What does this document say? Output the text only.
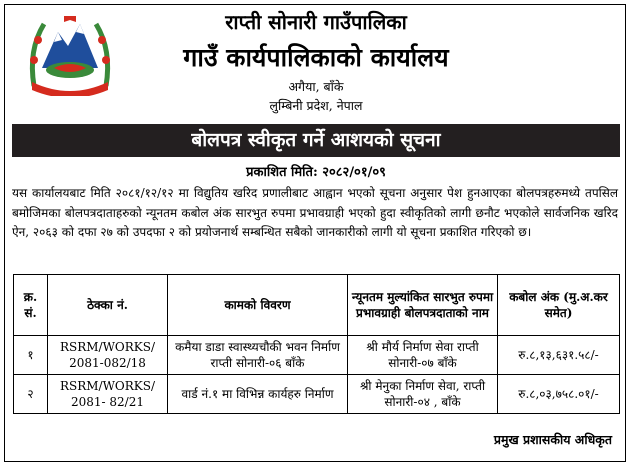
राप्ती सोनारी गाउँपालिका
गाउँ कार्यपालिकाको कार्यालय
अगैया, बाँके
लुम्बिनी प्रदेश, नेपाल
बोलपत्र स्वीकृत गर्ने आशयको सूचना
प्रकाशित मिति: २०८२/०१/०९
यस कार्यालयबाट मिति २०८१/१२/१२ मा विद्युतिय खरिद प्रणालीबाट आह्वान भएको सूचना अनुसार पेश हुनआएका बोलपत्रहरुमध्ये तपसिल बमोजिमका बोलपत्रदाताहरुको न्यूनतम कबोल अंक सारभुत रुपमा प्रभावग्राही भएको हुदा स्वीकृतिको लागी छनौट भएकोले सार्वजनिक खरिद ऐन, २०६३ को दफा २७ को उपदफा २ को प्रयोजनार्थ सम्बन्धित सबैको जानकारीको लागी यो सूचना प्रकाशित गरिएको छ।
क्र. सं.	ठेक्का नं.	कामको विवरण	न्यूनतम मुल्यांकित सारभुत रुपमा प्रभावग्राही बोलपत्रदाताको नाम	कबोल अंक (मु.अ.कर समेत)
१	RSRM/WORKS/ 2081-082/18	कमैया डाडा स्वास्थ्यचौकी भवन निर्माण राप्ती सोनारी-०६ बाँके	श्री मौर्य निर्माण सेवा राप्ती सोनारी-०७ बाँके	रु.८,१३,६३१.५८/-
२	RSRM/WORKS/ 2081- 82/21	वार्ड नं.१ मा विभिन्न कार्यहरु निर्माण	श्री मेनुका निर्माण सेवा, राप्ती सोनारी-०४ , बाँके	रु.८,०३,७५८.०१/-
प्रमुख प्रशासकीय अधिकृत
